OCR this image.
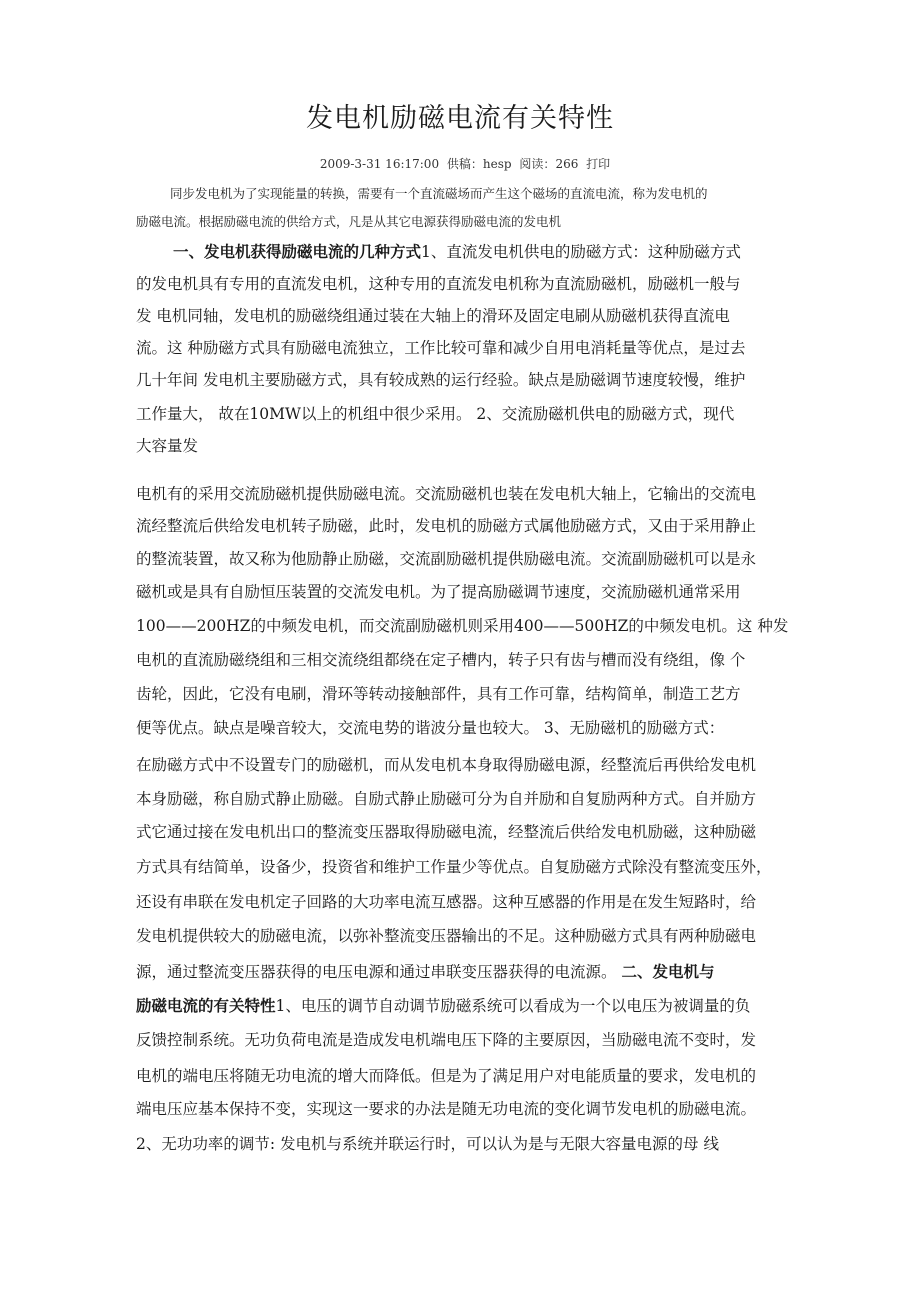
发电机励磁电流有关特性
2009-3-31 16:17:00 供稿：hesp 阅读：266 打印
同步发电机为了实现能量的转换，需要有一个直流磁场而产生这个磁场的直流电流，称为发电机的
励磁电流。根据励磁电流的供给方式，凡是从其它电源获得励磁电流的发电机
一、发电机获得励磁电流的几种方式1、直流发电机供电的励磁方式：这种励磁方式
的发电机具有专用的直流发电机，这种专用的直流发电机称为直流励磁机，励磁机一般与
发 电机同轴，发电机的励磁绕组通过装在大轴上的滑环及固定电刷从励磁机获得直流电
流。这 种励磁方式具有励磁电流独立，工作比较可靠和减少自用电消耗量等优点，是过去
几十年间 发电机主要励磁方式，具有较成熟的运行经验。缺点是励磁调节速度较慢，维护
工作量大， 故在10MW以上的机组中很少采用。 2、交流励磁机供电的励磁方式，现代
大容量发
电机有的采用交流励磁机提供励磁电流。交流励磁机也装在发电机大轴上，它输出的交流电
流经整流后供给发电机转子励磁，此时，发电机的励磁方式属他励磁方式，又由于采用静止
的整流装置，故又称为他励静止励磁，交流副励磁机提供励磁电流。交流副励磁机可以是永
磁机或是具有自励恒压装置的交流发电机。为了提高励磁调节速度，交流励磁机通常采用
100——200HZ的中频发电机，而交流副励磁机则采用400——500HZ的中频发电机。这 种发
电机的直流励磁绕组和三相交流绕组都绕在定子槽内，转子只有齿与槽而没有绕组，像 个
齿轮，因此，它没有电刷，滑环等转动接触部件，具有工作可靠，结构简单，制造工艺方
便等优点。缺点是噪音较大，交流电势的谐波分量也较大。 3、无励磁机的励磁方式：
在励磁方式中不设置专门的励磁机，而从发电机本身取得励磁电源，经整流后再供给发电机
本身励磁，称自励式静止励磁。自励式静止励磁可分为自并励和自复励两种方式。自并励方
式它通过接在发电机出口的整流变压器取得励磁电流，经整流后供给发电机励磁，这种励磁
方式具有结简单，设备少，投资省和维护工作量少等优点。自复励磁方式除没有整流变压外，
还设有串联在发电机定子回路的大功率电流互感器。这种互感器的作用是在发生短路时，给
发电机提供较大的励磁电流，以弥补整流变压器输出的不足。这种励磁方式具有两种励磁电
源，通过整流变压器获得的电压电源和通过串联变压器获得的电流源。 二、发电机与
励磁电流的有关特性1、电压的调节自动调节励磁系统可以看成为一个以电压为被调量的负
反馈控制系统。无功负荷电流是造成发电机端电压下降的主要原因，当励磁电流不变时，发
电机的端电压将随无功电流的增大而降低。但是为了满足用户对电能质量的要求，发电机的
端电压应基本保持不变，实现这一要求的办法是随无功电流的变化调节发电机的励磁电流。
2、无功功率的调节: 发电机与系统并联运行时，可以认为是与无限大容量电源的母 线
